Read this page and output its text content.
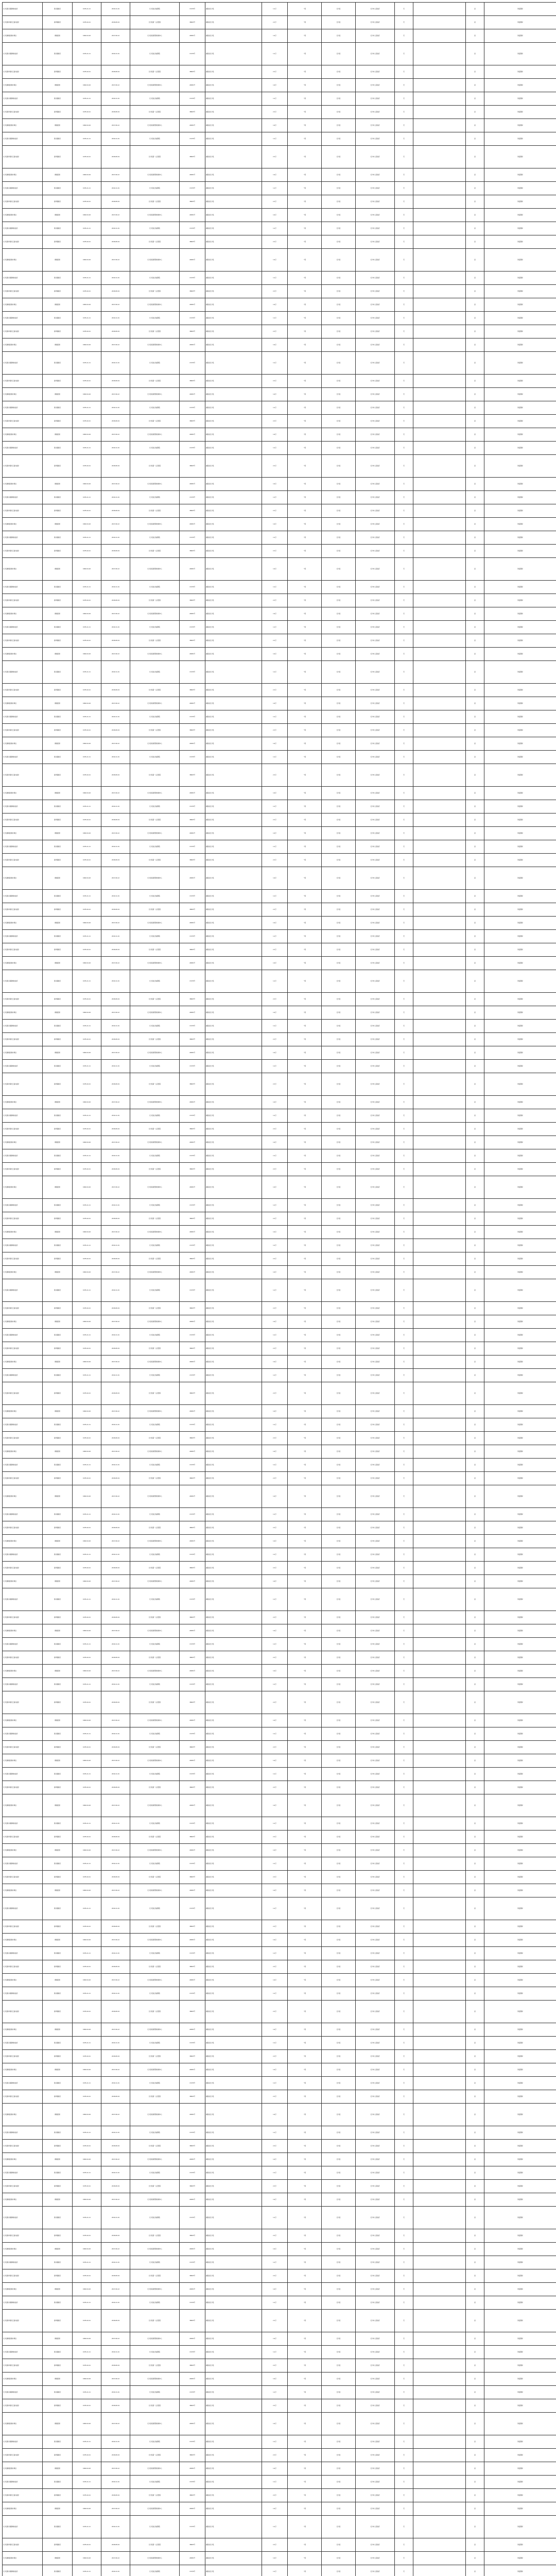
长沙县黄兴镇新塘村委会	黄兴镇政府	1976-11-11	2019-11-01	长沙县社会福利院	17276号	湖南省长沙县	1.2万	一般	长沙县	长沙市人民政府	无		是	防疫期间
长沙县春华镇龙王庙村委会	春华镇政府	1978-10-21	2018-08-19	长沙县第一人民医院	38825号	湖南省长沙县	2.3万	一般	长沙县	长沙市人民政府	无		是	防疫期间
长沙县榔梨街道办事处	榔梨街道	1982-04-02	2017-06-12	长沙县疾病预防控制中心	29081号	湖南省长沙县	1.6万	一般	长沙县	长沙市人民政府	无		是	防疫期间
长沙县黄兴镇新塘村委会	黄兴镇政府	1976-11-11	2019-11-01	长沙县社会福利院	17276号	湖南省长沙县	1.2万	一般	长沙县	长沙市人民政府	无		是	防疫期间
长沙县春华镇龙王庙村委会	春华镇政府	1978-10-21	2018-08-19	长沙县第一人民医院	38825号	湖南省长沙县	2.3万	一般	长沙县	长沙市人民政府	无		是	防疫期间
长沙县榔梨街道办事处	榔梨街道	1982-04-02	2017-06-12	长沙县疾病预防控制中心	29081号	湖南省长沙县	1.6万	一般	长沙县	长沙市人民政府	无		是	防疫期间
长沙县黄兴镇新塘村委会	黄兴镇政府	1976-11-11	2019-11-01	长沙县社会福利院	17276号	湖南省长沙县	1.2万	一般	长沙县	长沙市人民政府	无		是	防疫期间
长沙县春华镇龙王庙村委会	春华镇政府	1978-10-21	2018-08-19	长沙县第一人民医院	38825号	湖南省长沙县	2.3万	一般	长沙县	长沙市人民政府	无		是	防疫期间
长沙县榔梨街道办事处	榔梨街道	1982-04-02	2017-06-12	长沙县疾病预防控制中心	29081号	湖南省长沙县	1.6万	一般	长沙县	长沙市人民政府	无		是	防疫期间
长沙县黄兴镇新塘村委会	黄兴镇政府	1976-11-11	2019-11-01	长沙县社会福利院	17276号	湖南省长沙县	1.2万	一般	长沙县	长沙市人民政府	无		是	防疫期间
长沙县春华镇龙王庙村委会	春华镇政府	1978-10-21	2018-08-19	长沙县第一人民医院	38825号	湖南省长沙县	2.3万	一般	长沙县	长沙市人民政府	无		是	防疫期间
长沙县榔梨街道办事处	榔梨街道	1982-04-02	2017-06-12	长沙县疾病预防控制中心	29081号	湖南省长沙县	1.6万	一般	长沙县	长沙市人民政府	无		是	防疫期间
长沙县黄兴镇新塘村委会	黄兴镇政府	1976-11-11	2019-11-01	长沙县社会福利院	17276号	湖南省长沙县	1.2万	一般	长沙县	长沙市人民政府	无		是	防疫期间
长沙县春华镇龙王庙村委会	春华镇政府	1978-10-21	2018-08-19	长沙县第一人民医院	38825号	湖南省长沙县	2.3万	一般	长沙县	长沙市人民政府	无		是	防疫期间
长沙县榔梨街道办事处	榔梨街道	1982-04-02	2017-06-12	长沙县疾病预防控制中心	29081号	湖南省长沙县	1.6万	一般	长沙县	长沙市人民政府	无		是	防疫期间
长沙县黄兴镇新塘村委会	黄兴镇政府	1976-11-11	2019-11-01	长沙县社会福利院	17276号	湖南省长沙县	1.2万	一般	长沙县	长沙市人民政府	无		是	防疫期间
长沙县春华镇龙王庙村委会	春华镇政府	1978-10-21	2018-08-19	长沙县第一人民医院	38825号	湖南省长沙县	2.3万	一般	长沙县	长沙市人民政府	无		是	防疫期间
长沙县榔梨街道办事处	榔梨街道	1982-04-02	2017-06-12	长沙县疾病预防控制中心	29081号	湖南省长沙县	1.6万	一般	长沙县	长沙市人民政府	无		是	防疫期间
长沙县黄兴镇新塘村委会	黄兴镇政府	1976-11-11	2019-11-01	长沙县社会福利院	17276号	湖南省长沙县	1.2万	一般	长沙县	长沙市人民政府	无		是	防疫期间
长沙县春华镇龙王庙村委会	春华镇政府	1978-10-21	2018-08-19	长沙县第一人民医院	38825号	湖南省长沙县	2.3万	一般	长沙县	长沙市人民政府	无		是	防疫期间
长沙县榔梨街道办事处	榔梨街道	1982-04-02	2017-06-12	长沙县疾病预防控制中心	29081号	湖南省长沙县	1.6万	一般	长沙县	长沙市人民政府	无		是	防疫期间
长沙县黄兴镇新塘村委会	黄兴镇政府	1976-11-11	2019-11-01	长沙县社会福利院	17276号	湖南省长沙县	1.2万	一般	长沙县	长沙市人民政府	无		是	防疫期间
长沙县春华镇龙王庙村委会	春华镇政府	1978-10-21	2018-08-19	长沙县第一人民医院	38825号	湖南省长沙县	2.3万	一般	长沙县	长沙市人民政府	无		是	防疫期间
长沙县榔梨街道办事处	榔梨街道	1982-04-02	2017-06-12	长沙县疾病预防控制中心	29081号	湖南省长沙县	1.6万	一般	长沙县	长沙市人民政府	无		是	防疫期间
长沙县黄兴镇新塘村委会	黄兴镇政府	1976-11-11	2019-11-01	长沙县社会福利院	17276号	湖南省长沙县	1.2万	一般	长沙县	长沙市人民政府	无		是	防疫期间
长沙县春华镇龙王庙村委会	春华镇政府	1978-10-21	2018-08-19	长沙县第一人民医院	38825号	湖南省长沙县	2.3万	一般	长沙县	长沙市人民政府	无		是	防疫期间
长沙县榔梨街道办事处	榔梨街道	1982-04-02	2017-06-12	长沙县疾病预防控制中心	29081号	湖南省长沙县	1.6万	一般	长沙县	长沙市人民政府	无		是	防疫期间
长沙县黄兴镇新塘村委会	黄兴镇政府	1976-11-11	2019-11-01	长沙县社会福利院	17276号	湖南省长沙县	1.2万	一般	长沙县	长沙市人民政府	无		是	防疫期间
长沙县春华镇龙王庙村委会	春华镇政府	1978-10-21	2018-08-19	长沙县第一人民医院	38825号	湖南省长沙县	2.3万	一般	长沙县	长沙市人民政府	无		是	防疫期间
长沙县榔梨街道办事处	榔梨街道	1982-04-02	2017-06-12	长沙县疾病预防控制中心	29081号	湖南省长沙县	1.6万	一般	长沙县	长沙市人民政府	无		是	防疫期间
长沙县黄兴镇新塘村委会	黄兴镇政府	1976-11-11	2019-11-01	长沙县社会福利院	17276号	湖南省长沙县	1.2万	一般	长沙县	长沙市人民政府	无		是	防疫期间
长沙县春华镇龙王庙村委会	春华镇政府	1978-10-21	2018-08-19	长沙县第一人民医院	38825号	湖南省长沙县	2.3万	一般	长沙县	长沙市人民政府	无		是	防疫期间
长沙县榔梨街道办事处	榔梨街道	1982-04-02	2017-06-12	长沙县疾病预防控制中心	29081号	湖南省长沙县	1.6万	一般	长沙县	长沙市人民政府	无		是	防疫期间
长沙县黄兴镇新塘村委会	黄兴镇政府	1976-11-11	2019-11-01	长沙县社会福利院	17276号	湖南省长沙县	1.2万	一般	长沙县	长沙市人民政府	无		是	防疫期间
长沙县春华镇龙王庙村委会	春华镇政府	1978-10-21	2018-08-19	长沙县第一人民医院	38825号	湖南省长沙县	2.3万	一般	长沙县	长沙市人民政府	无		是	防疫期间
长沙县榔梨街道办事处	榔梨街道	1982-04-02	2017-06-12	长沙县疾病预防控制中心	29081号	湖南省长沙县	1.6万	一般	长沙县	长沙市人民政府	无		是	防疫期间
长沙县黄兴镇新塘村委会	黄兴镇政府	1976-11-11	2019-11-01	长沙县社会福利院	17276号	湖南省长沙县	1.2万	一般	长沙县	长沙市人民政府	无		是	防疫期间
长沙县春华镇龙王庙村委会	春华镇政府	1978-10-21	2018-08-19	长沙县第一人民医院	38825号	湖南省长沙县	2.3万	一般	长沙县	长沙市人民政府	无		是	防疫期间
长沙县榔梨街道办事处	榔梨街道	1982-04-02	2017-06-12	长沙县疾病预防控制中心	29081号	湖南省长沙县	1.6万	一般	长沙县	长沙市人民政府	无		是	防疫期间
长沙县黄兴镇新塘村委会	黄兴镇政府	1976-11-11	2019-11-01	长沙县社会福利院	17276号	湖南省长沙县	1.2万	一般	长沙县	长沙市人民政府	无		是	防疫期间
长沙县春华镇龙王庙村委会	春华镇政府	1978-10-21	2018-08-19	长沙县第一人民医院	38825号	湖南省长沙县	2.3万	一般	长沙县	长沙市人民政府	无		是	防疫期间
长沙县榔梨街道办事处	榔梨街道	1982-04-02	2017-06-12	长沙县疾病预防控制中心	29081号	湖南省长沙县	1.6万	一般	长沙县	长沙市人民政府	无		是	防疫期间
长沙县黄兴镇新塘村委会	黄兴镇政府	1976-11-11	2019-11-01	长沙县社会福利院	17276号	湖南省长沙县	1.2万	一般	长沙县	长沙市人民政府	无		是	防疫期间
长沙县春华镇龙王庙村委会	春华镇政府	1978-10-21	2018-08-19	长沙县第一人民医院	38825号	湖南省长沙县	2.3万	一般	长沙县	长沙市人民政府	无		是	防疫期间
长沙县榔梨街道办事处	榔梨街道	1982-04-02	2017-06-12	长沙县疾病预防控制中心	29081号	湖南省长沙县	1.6万	一般	长沙县	长沙市人民政府	无		是	防疫期间
长沙县黄兴镇新塘村委会	黄兴镇政府	1976-11-11	2019-11-01	长沙县社会福利院	17276号	湖南省长沙县	1.2万	一般	长沙县	长沙市人民政府	无		是	防疫期间
长沙县春华镇龙王庙村委会	春华镇政府	1978-10-21	2018-08-19	长沙县第一人民医院	38825号	湖南省长沙县	2.3万	一般	长沙县	长沙市人民政府	无		是	防疫期间
长沙县榔梨街道办事处	榔梨街道	1982-04-02	2017-06-12	长沙县疾病预防控制中心	29081号	湖南省长沙县	1.6万	一般	长沙县	长沙市人民政府	无		是	防疫期间
长沙县黄兴镇新塘村委会	黄兴镇政府	1976-11-11	2019-11-01	长沙县社会福利院	17276号	湖南省长沙县	1.2万	一般	长沙县	长沙市人民政府	无		是	防疫期间
长沙县春华镇龙王庙村委会	春华镇政府	1978-10-21	2018-08-19	长沙县第一人民医院	38825号	湖南省长沙县	2.3万	一般	长沙县	长沙市人民政府	无		是	防疫期间
长沙县榔梨街道办事处	榔梨街道	1982-04-02	2017-06-12	长沙县疾病预防控制中心	29081号	湖南省长沙县	1.6万	一般	长沙县	长沙市人民政府	无		是	防疫期间
长沙县黄兴镇新塘村委会	黄兴镇政府	1976-11-11	2019-11-01	长沙县社会福利院	17276号	湖南省长沙县	1.2万	一般	长沙县	长沙市人民政府	无		是	防疫期间
长沙县春华镇龙王庙村委会	春华镇政府	1978-10-21	2018-08-19	长沙县第一人民医院	38825号	湖南省长沙县	2.3万	一般	长沙县	长沙市人民政府	无		是	防疫期间
长沙县榔梨街道办事处	榔梨街道	1982-04-02	2017-06-12	长沙县疾病预防控制中心	29081号	湖南省长沙县	1.6万	一般	长沙县	长沙市人民政府	无		是	防疫期间
长沙县黄兴镇新塘村委会	黄兴镇政府	1976-11-11	2019-11-01	长沙县社会福利院	17276号	湖南省长沙县	1.2万	一般	长沙县	长沙市人民政府	无		是	防疫期间
长沙县春华镇龙王庙村委会	春华镇政府	1978-10-21	2018-08-19	长沙县第一人民医院	38825号	湖南省长沙县	2.3万	一般	长沙县	长沙市人民政府	无		是	防疫期间
长沙县榔梨街道办事处	榔梨街道	1982-04-02	2017-06-12	长沙县疾病预防控制中心	29081号	湖南省长沙县	1.6万	一般	长沙县	长沙市人民政府	无		是	防疫期间
长沙县黄兴镇新塘村委会	黄兴镇政府	1976-11-11	2019-11-01	长沙县社会福利院	17276号	湖南省长沙县	1.2万	一般	长沙县	长沙市人民政府	无		是	防疫期间
长沙县春华镇龙王庙村委会	春华镇政府	1978-10-21	2018-08-19	长沙县第一人民医院	38825号	湖南省长沙县	2.3万	一般	长沙县	长沙市人民政府	无		是	防疫期间
长沙县榔梨街道办事处	榔梨街道	1982-04-02	2017-06-12	长沙县疾病预防控制中心	29081号	湖南省长沙县	1.6万	一般	长沙县	长沙市人民政府	无		是	防疫期间
长沙县黄兴镇新塘村委会	黄兴镇政府	1976-11-11	2019-11-01	长沙县社会福利院	17276号	湖南省长沙县	1.2万	一般	长沙县	长沙市人民政府	无		是	防疫期间
长沙县春华镇龙王庙村委会	春华镇政府	1978-10-21	2018-08-19	长沙县第一人民医院	38825号	湖南省长沙县	2.3万	一般	长沙县	长沙市人民政府	无		是	防疫期间
长沙县榔梨街道办事处	榔梨街道	1982-04-02	2017-06-12	长沙县疾病预防控制中心	29081号	湖南省长沙县	1.6万	一般	长沙县	长沙市人民政府	无		是	防疫期间
长沙县黄兴镇新塘村委会	黄兴镇政府	1976-11-11	2019-11-01	长沙县社会福利院	17276号	湖南省长沙县	1.2万	一般	长沙县	长沙市人民政府	无		是	防疫期间
长沙县春华镇龙王庙村委会	春华镇政府	1978-10-21	2018-08-19	长沙县第一人民医院	38825号	湖南省长沙县	2.3万	一般	长沙县	长沙市人民政府	无		是	防疫期间
长沙县榔梨街道办事处	榔梨街道	1982-04-02	2017-06-12	长沙县疾病预防控制中心	29081号	湖南省长沙县	1.6万	一般	长沙县	长沙市人民政府	无		是	防疫期间
长沙县黄兴镇新塘村委会	黄兴镇政府	1976-11-11	2019-11-01	长沙县社会福利院	17276号	湖南省长沙县	1.2万	一般	长沙县	长沙市人民政府	无		是	防疫期间
长沙县春华镇龙王庙村委会	春华镇政府	1978-10-21	2018-08-19	长沙县第一人民医院	38825号	湖南省长沙县	2.3万	一般	长沙县	长沙市人民政府	无		是	防疫期间
长沙县榔梨街道办事处	榔梨街道	1982-04-02	2017-06-12	长沙县疾病预防控制中心	29081号	湖南省长沙县	1.6万	一般	长沙县	长沙市人民政府	无		是	防疫期间
长沙县黄兴镇新塘村委会	黄兴镇政府	1976-11-11	2019-11-01	长沙县社会福利院	17276号	湖南省长沙县	1.2万	一般	长沙县	长沙市人民政府	无		是	防疫期间
长沙县春华镇龙王庙村委会	春华镇政府	1978-10-21	2018-08-19	长沙县第一人民医院	38825号	湖南省长沙县	2.3万	一般	长沙县	长沙市人民政府	无		是	防疫期间
长沙县榔梨街道办事处	榔梨街道	1982-04-02	2017-06-12	长沙县疾病预防控制中心	29081号	湖南省长沙县	1.6万	一般	长沙县	长沙市人民政府	无		是	防疫期间
长沙县黄兴镇新塘村委会	黄兴镇政府	1976-11-11	2019-11-01	长沙县社会福利院	17276号	湖南省长沙县	1.2万	一般	长沙县	长沙市人民政府	无		是	防疫期间
长沙县春华镇龙王庙村委会	春华镇政府	1978-10-21	2018-08-19	长沙县第一人民医院	38825号	湖南省长沙县	2.3万	一般	长沙县	长沙市人民政府	无		是	防疫期间
长沙县榔梨街道办事处	榔梨街道	1982-04-02	2017-06-12	长沙县疾病预防控制中心	29081号	湖南省长沙县	1.6万	一般	长沙县	长沙市人民政府	无		是	防疫期间
长沙县黄兴镇新塘村委会	黄兴镇政府	1976-11-11	2019-11-01	长沙县社会福利院	17276号	湖南省长沙县	1.2万	一般	长沙县	长沙市人民政府	无		是	防疫期间
长沙县春华镇龙王庙村委会	春华镇政府	1978-10-21	2018-08-19	长沙县第一人民医院	38825号	湖南省长沙县	2.3万	一般	长沙县	长沙市人民政府	无		是	防疫期间
长沙县榔梨街道办事处	榔梨街道	1982-04-02	2017-06-12	长沙县疾病预防控制中心	29081号	湖南省长沙县	1.6万	一般	长沙县	长沙市人民政府	无		是	防疫期间
长沙县黄兴镇新塘村委会	黄兴镇政府	1976-11-11	2019-11-01	长沙县社会福利院	17276号	湖南省长沙县	1.2万	一般	长沙县	长沙市人民政府	无		是	防疫期间
长沙县春华镇龙王庙村委会	春华镇政府	1978-10-21	2018-08-19	长沙县第一人民医院	38825号	湖南省长沙县	2.3万	一般	长沙县	长沙市人民政府	无		是	防疫期间
长沙县榔梨街道办事处	榔梨街道	1982-04-02	2017-06-12	长沙县疾病预防控制中心	29081号	湖南省长沙县	1.6万	一般	长沙县	长沙市人民政府	无		是	防疫期间
长沙县黄兴镇新塘村委会	黄兴镇政府	1976-11-11	2019-11-01	长沙县社会福利院	17276号	湖南省长沙县	1.2万	一般	长沙县	长沙市人民政府	无		是	防疫期间
长沙县春华镇龙王庙村委会	春华镇政府	1978-10-21	2018-08-19	长沙县第一人民医院	38825号	湖南省长沙县	2.3万	一般	长沙县	长沙市人民政府	无		是	防疫期间
长沙县榔梨街道办事处	榔梨街道	1982-04-02	2017-06-12	长沙县疾病预防控制中心	29081号	湖南省长沙县	1.6万	一般	长沙县	长沙市人民政府	无		是	防疫期间
长沙县黄兴镇新塘村委会	黄兴镇政府	1976-11-11	2019-11-01	长沙县社会福利院	17276号	湖南省长沙县	1.2万	一般	长沙县	长沙市人民政府	无		是	防疫期间
长沙县春华镇龙王庙村委会	春华镇政府	1978-10-21	2018-08-19	长沙县第一人民医院	38825号	湖南省长沙县	2.3万	一般	长沙县	长沙市人民政府	无		是	防疫期间
长沙县榔梨街道办事处	榔梨街道	1982-04-02	2017-06-12	长沙县疾病预防控制中心	29081号	湖南省长沙县	1.6万	一般	长沙县	长沙市人民政府	无		是	防疫期间
长沙县黄兴镇新塘村委会	黄兴镇政府	1976-11-11	2019-11-01	长沙县社会福利院	17276号	湖南省长沙县	1.2万	一般	长沙县	长沙市人民政府	无		是	防疫期间
长沙县春华镇龙王庙村委会	春华镇政府	1978-10-21	2018-08-19	长沙县第一人民医院	38825号	湖南省长沙县	2.3万	一般	长沙县	长沙市人民政府	无		是	防疫期间
长沙县榔梨街道办事处	榔梨街道	1982-04-02	2017-06-12	长沙县疾病预防控制中心	29081号	湖南省长沙县	1.6万	一般	长沙县	长沙市人民政府	无		是	防疫期间
长沙县黄兴镇新塘村委会	黄兴镇政府	1976-11-11	2019-11-01	长沙县社会福利院	17276号	湖南省长沙县	1.2万	一般	长沙县	长沙市人民政府	无		是	防疫期间
长沙县春华镇龙王庙村委会	春华镇政府	1978-10-21	2018-08-19	长沙县第一人民医院	38825号	湖南省长沙县	2.3万	一般	长沙县	长沙市人民政府	无		是	防疫期间
长沙县榔梨街道办事处	榔梨街道	1982-04-02	2017-06-12	长沙县疾病预防控制中心	29081号	湖南省长沙县	1.6万	一般	长沙县	长沙市人民政府	无		是	防疫期间
长沙县黄兴镇新塘村委会	黄兴镇政府	1976-11-11	2019-11-01	长沙县社会福利院	17276号	湖南省长沙县	1.2万	一般	长沙县	长沙市人民政府	无		是	防疫期间
长沙县春华镇龙王庙村委会	春华镇政府	1978-10-21	2018-08-19	长沙县第一人民医院	38825号	湖南省长沙县	2.3万	一般	长沙县	长沙市人民政府	无		是	防疫期间
长沙县榔梨街道办事处	榔梨街道	1982-04-02	2017-06-12	长沙县疾病预防控制中心	29081号	湖南省长沙县	1.6万	一般	长沙县	长沙市人民政府	无		是	防疫期间
长沙县黄兴镇新塘村委会	黄兴镇政府	1976-11-11	2019-11-01	长沙县社会福利院	17276号	湖南省长沙县	1.2万	一般	长沙县	长沙市人民政府	无		是	防疫期间
长沙县春华镇龙王庙村委会	春华镇政府	1978-10-21	2018-08-19	长沙县第一人民医院	38825号	湖南省长沙县	2.3万	一般	长沙县	长沙市人民政府	无		是	防疫期间
长沙县榔梨街道办事处	榔梨街道	1982-04-02	2017-06-12	长沙县疾病预防控制中心	29081号	湖南省长沙县	1.6万	一般	长沙县	长沙市人民政府	无		是	防疫期间
长沙县黄兴镇新塘村委会	黄兴镇政府	1976-11-11	2019-11-01	长沙县社会福利院	17276号	湖南省长沙县	1.2万	一般	长沙县	长沙市人民政府	无		是	防疫期间
长沙县春华镇龙王庙村委会	春华镇政府	1978-10-21	2018-08-19	长沙县第一人民医院	38825号	湖南省长沙县	2.3万	一般	长沙县	长沙市人民政府	无		是	防疫期间
长沙县榔梨街道办事处	榔梨街道	1982-04-02	2017-06-12	长沙县疾病预防控制中心	29081号	湖南省长沙县	1.6万	一般	长沙县	长沙市人民政府	无		是	防疫期间
长沙县黄兴镇新塘村委会	黄兴镇政府	1976-11-11	2019-11-01	长沙县社会福利院	17276号	湖南省长沙县	1.2万	一般	长沙县	长沙市人民政府	无		是	防疫期间
长沙县春华镇龙王庙村委会	春华镇政府	1978-10-21	2018-08-19	长沙县第一人民医院	38825号	湖南省长沙县	2.3万	一般	长沙县	长沙市人民政府	无		是	防疫期间
长沙县榔梨街道办事处	榔梨街道	1982-04-02	2017-06-12	长沙县疾病预防控制中心	29081号	湖南省长沙县	1.6万	一般	长沙县	长沙市人民政府	无		是	防疫期间
长沙县黄兴镇新塘村委会	黄兴镇政府	1976-11-11	2019-11-01	长沙县社会福利院	17276号	湖南省长沙县	1.2万	一般	长沙县	长沙市人民政府	无		是	防疫期间
长沙县春华镇龙王庙村委会	春华镇政府	1978-10-21	2018-08-19	长沙县第一人民医院	38825号	湖南省长沙县	2.3万	一般	长沙县	长沙市人民政府	无		是	防疫期间
长沙县榔梨街道办事处	榔梨街道	1982-04-02	2017-06-12	长沙县疾病预防控制中心	29081号	湖南省长沙县	1.6万	一般	长沙县	长沙市人民政府	无		是	防疫期间
长沙县黄兴镇新塘村委会	黄兴镇政府	1976-11-11	2019-11-01	长沙县社会福利院	17276号	湖南省长沙县	1.2万	一般	长沙县	长沙市人民政府	无		是	防疫期间
长沙县春华镇龙王庙村委会	春华镇政府	1978-10-21	2018-08-19	长沙县第一人民医院	38825号	湖南省长沙县	2.3万	一般	长沙县	长沙市人民政府	无		是	防疫期间
长沙县榔梨街道办事处	榔梨街道	1982-04-02	2017-06-12	长沙县疾病预防控制中心	29081号	湖南省长沙县	1.6万	一般	长沙县	长沙市人民政府	无		是	防疫期间
长沙县黄兴镇新塘村委会	黄兴镇政府	1976-11-11	2019-11-01	长沙县社会福利院	17276号	湖南省长沙县	1.2万	一般	长沙县	长沙市人民政府	无		是	防疫期间
长沙县春华镇龙王庙村委会	春华镇政府	1978-10-21	2018-08-19	长沙县第一人民医院	38825号	湖南省长沙县	2.3万	一般	长沙县	长沙市人民政府	无		是	防疫期间
长沙县榔梨街道办事处	榔梨街道	1982-04-02	2017-06-12	长沙县疾病预防控制中心	29081号	湖南省长沙县	1.6万	一般	长沙县	长沙市人民政府	无		是	防疫期间
长沙县黄兴镇新塘村委会	黄兴镇政府	1976-11-11	2019-11-01	长沙县社会福利院	17276号	湖南省长沙县	1.2万	一般	长沙县	长沙市人民政府	无		是	防疫期间
长沙县春华镇龙王庙村委会	春华镇政府	1978-10-21	2018-08-19	长沙县第一人民医院	38825号	湖南省长沙县	2.3万	一般	长沙县	长沙市人民政府	无		是	防疫期间
长沙县榔梨街道办事处	榔梨街道	1982-04-02	2017-06-12	长沙县疾病预防控制中心	29081号	湖南省长沙县	1.6万	一般	长沙县	长沙市人民政府	无		是	防疫期间
长沙县黄兴镇新塘村委会	黄兴镇政府	1976-11-11	2019-11-01	长沙县社会福利院	17276号	湖南省长沙县	1.2万	一般	长沙县	长沙市人民政府	无		是	防疫期间
长沙县春华镇龙王庙村委会	春华镇政府	1978-10-21	2018-08-19	长沙县第一人民医院	38825号	湖南省长沙县	2.3万	一般	长沙县	长沙市人民政府	无		是	防疫期间
长沙县榔梨街道办事处	榔梨街道	1982-04-02	2017-06-12	长沙县疾病预防控制中心	29081号	湖南省长沙县	1.6万	一般	长沙县	长沙市人民政府	无		是	防疫期间
长沙县黄兴镇新塘村委会	黄兴镇政府	1976-11-11	2019-11-01	长沙县社会福利院	17276号	湖南省长沙县	1.2万	一般	长沙县	长沙市人民政府	无		是	防疫期间
长沙县春华镇龙王庙村委会	春华镇政府	1978-10-21	2018-08-19	长沙县第一人民医院	38825号	湖南省长沙县	2.3万	一般	长沙县	长沙市人民政府	无		是	防疫期间
长沙县榔梨街道办事处	榔梨街道	1982-04-02	2017-06-12	长沙县疾病预防控制中心	29081号	湖南省长沙县	1.6万	一般	长沙县	长沙市人民政府	无		是	防疫期间
长沙县黄兴镇新塘村委会	黄兴镇政府	1976-11-11	2019-11-01	长沙县社会福利院	17276号	湖南省长沙县	1.2万	一般	长沙县	长沙市人民政府	无		是	防疫期间
长沙县春华镇龙王庙村委会	春华镇政府	1978-10-21	2018-08-19	长沙县第一人民医院	38825号	湖南省长沙县	2.3万	一般	长沙县	长沙市人民政府	无		是	防疫期间
长沙县榔梨街道办事处	榔梨街道	1982-04-02	2017-06-12	长沙县疾病预防控制中心	29081号	湖南省长沙县	1.6万	一般	长沙县	长沙市人民政府	无		是	防疫期间
长沙县黄兴镇新塘村委会	黄兴镇政府	1976-11-11	2019-11-01	长沙县社会福利院	17276号	湖南省长沙县	1.2万	一般	长沙县	长沙市人民政府	无		是	防疫期间
长沙县春华镇龙王庙村委会	春华镇政府	1978-10-21	2018-08-19	长沙县第一人民医院	38825号	湖南省长沙县	2.3万	一般	长沙县	长沙市人民政府	无		是	防疫期间
长沙县榔梨街道办事处	榔梨街道	1982-04-02	2017-06-12	长沙县疾病预防控制中心	29081号	湖南省长沙县	1.6万	一般	长沙县	长沙市人民政府	无		是	防疫期间
长沙县黄兴镇新塘村委会	黄兴镇政府	1976-11-11	2019-11-01	长沙县社会福利院	17276号	湖南省长沙县	1.2万	一般	长沙县	长沙市人民政府	无		是	防疫期间
长沙县春华镇龙王庙村委会	春华镇政府	1978-10-21	2018-08-19	长沙县第一人民医院	38825号	湖南省长沙县	2.3万	一般	长沙县	长沙市人民政府	无		是	防疫期间
长沙县榔梨街道办事处	榔梨街道	1982-04-02	2017-06-12	长沙县疾病预防控制中心	29081号	湖南省长沙县	1.6万	一般	长沙县	长沙市人民政府	无		是	防疫期间
长沙县黄兴镇新塘村委会	黄兴镇政府	1976-11-11	2019-11-01	长沙县社会福利院	17276号	湖南省长沙县	1.2万	一般	长沙县	长沙市人民政府	无		是	防疫期间
长沙县春华镇龙王庙村委会	春华镇政府	1978-10-21	2018-08-19	长沙县第一人民医院	38825号	湖南省长沙县	2.3万	一般	长沙县	长沙市人民政府	无		是	防疫期间
长沙县榔梨街道办事处	榔梨街道	1982-04-02	2017-06-12	长沙县疾病预防控制中心	29081号	湖南省长沙县	1.6万	一般	长沙县	长沙市人民政府	无		是	防疫期间
长沙县黄兴镇新塘村委会	黄兴镇政府	1976-11-11	2019-11-01	长沙县社会福利院	17276号	湖南省长沙县	1.2万	一般	长沙县	长沙市人民政府	无		是	防疫期间
长沙县春华镇龙王庙村委会	春华镇政府	1978-10-21	2018-08-19	长沙县第一人民医院	38825号	湖南省长沙县	2.3万	一般	长沙县	长沙市人民政府	无		是	防疫期间
长沙县榔梨街道办事处	榔梨街道	1982-04-02	2017-06-12	长沙县疾病预防控制中心	29081号	湖南省长沙县	1.6万	一般	长沙县	长沙市人民政府	无		是	防疫期间
长沙县黄兴镇新塘村委会	黄兴镇政府	1976-11-11	2019-11-01	长沙县社会福利院	17276号	湖南省长沙县	1.2万	一般	长沙县	长沙市人民政府	无		是	防疫期间
长沙县春华镇龙王庙村委会	春华镇政府	1978-10-21	2018-08-19	长沙县第一人民医院	38825号	湖南省长沙县	2.3万	一般	长沙县	长沙市人民政府	无		是	防疫期间
长沙县榔梨街道办事处	榔梨街道	1982-04-02	2017-06-12	长沙县疾病预防控制中心	29081号	湖南省长沙县	1.6万	一般	长沙县	长沙市人民政府	无		是	防疫期间
长沙县黄兴镇新塘村委会	黄兴镇政府	1976-11-11	2019-11-01	长沙县社会福利院	17276号	湖南省长沙县	1.2万	一般	长沙县	长沙市人民政府	无		是	防疫期间
长沙县春华镇龙王庙村委会	春华镇政府	1978-10-21	2018-08-19	长沙县第一人民医院	38825号	湖南省长沙县	2.3万	一般	长沙县	长沙市人民政府	无		是	防疫期间
长沙县榔梨街道办事处	榔梨街道	1982-04-02	2017-06-12	长沙县疾病预防控制中心	29081号	湖南省长沙县	1.6万	一般	长沙县	长沙市人民政府	无		是	防疫期间
长沙县黄兴镇新塘村委会	黄兴镇政府	1976-11-11	2019-11-01	长沙县社会福利院	17276号	湖南省长沙县	1.2万	一般	长沙县	长沙市人民政府	无		是	防疫期间
长沙县春华镇龙王庙村委会	春华镇政府	1978-10-21	2018-08-19	长沙县第一人民医院	38825号	湖南省长沙县	2.3万	一般	长沙县	长沙市人民政府	无		是	防疫期间
长沙县榔梨街道办事处	榔梨街道	1982-04-02	2017-06-12	长沙县疾病预防控制中心	29081号	湖南省长沙县	1.6万	一般	长沙县	长沙市人民政府	无		是	防疫期间
长沙县黄兴镇新塘村委会	黄兴镇政府	1976-11-11	2019-11-01	长沙县社会福利院	17276号	湖南省长沙县	1.2万	一般	长沙县	长沙市人民政府	无		是	防疫期间
长沙县春华镇龙王庙村委会	春华镇政府	1978-10-21	2018-08-19	长沙县第一人民医院	38825号	湖南省长沙县	2.3万	一般	长沙县	长沙市人民政府	无		是	防疫期间
长沙县榔梨街道办事处	榔梨街道	1982-04-02	2017-06-12	长沙县疾病预防控制中心	29081号	湖南省长沙县	1.6万	一般	长沙县	长沙市人民政府	无		是	防疫期间
长沙县黄兴镇新塘村委会	黄兴镇政府	1976-11-11	2019-11-01	长沙县社会福利院	17276号	湖南省长沙县	1.2万	一般	长沙县	长沙市人民政府	无		是	防疫期间
长沙县春华镇龙王庙村委会	春华镇政府	1978-10-21	2018-08-19	长沙县第一人民医院	38825号	湖南省长沙县	2.3万	一般	长沙县	长沙市人民政府	无		是	防疫期间
长沙县榔梨街道办事处	榔梨街道	1982-04-02	2017-06-12	长沙县疾病预防控制中心	29081号	湖南省长沙县	1.6万	一般	长沙县	长沙市人民政府	无		是	防疫期间
长沙县黄兴镇新塘村委会	黄兴镇政府	1976-11-11	2019-11-01	长沙县社会福利院	17276号	湖南省长沙县	1.2万	一般	长沙县	长沙市人民政府	无		是	防疫期间
长沙县春华镇龙王庙村委会	春华镇政府	1978-10-21	2018-08-19	长沙县第一人民医院	38825号	湖南省长沙县	2.3万	一般	长沙县	长沙市人民政府	无		是	防疫期间
长沙县榔梨街道办事处	榔梨街道	1982-04-02	2017-06-12	长沙县疾病预防控制中心	29081号	湖南省长沙县	1.6万	一般	长沙县	长沙市人民政府	无		是	防疫期间
长沙县黄兴镇新塘村委会	黄兴镇政府	1976-11-11	2019-11-01	长沙县社会福利院	17276号	湖南省长沙县	1.2万	一般	长沙县	长沙市人民政府	无		是	防疫期间
长沙县春华镇龙王庙村委会	春华镇政府	1978-10-21	2018-08-19	长沙县第一人民医院	38825号	湖南省长沙县	2.3万	一般	长沙县	长沙市人民政府	无		是	防疫期间
长沙县榔梨街道办事处	榔梨街道	1982-04-02	2017-06-12	长沙县疾病预防控制中心	29081号	湖南省长沙县	1.6万	一般	长沙县	长沙市人民政府	无		是	防疫期间
长沙县黄兴镇新塘村委会	黄兴镇政府	1976-11-11	2019-11-01	长沙县社会福利院	17276号	湖南省长沙县	1.2万	一般	长沙县	长沙市人民政府	无		是	防疫期间
长沙县春华镇龙王庙村委会	春华镇政府	1978-10-21	2018-08-19	长沙县第一人民医院	38825号	湖南省长沙县	2.3万	一般	长沙县	长沙市人民政府	无		是	防疫期间
长沙县榔梨街道办事处	榔梨街道	1982-04-02	2017-06-12	长沙县疾病预防控制中心	29081号	湖南省长沙县	1.6万	一般	长沙县	长沙市人民政府	无		是	防疫期间
长沙县黄兴镇新塘村委会	黄兴镇政府	1976-11-11	2019-11-01	长沙县社会福利院	17276号	湖南省长沙县	1.2万	一般	长沙县	长沙市人民政府	无		是	防疫期间
长沙县春华镇龙王庙村委会	春华镇政府	1978-10-21	2018-08-19	长沙县第一人民医院	38825号	湖南省长沙县	2.3万	一般	长沙县	长沙市人民政府	无		是	防疫期间
长沙县榔梨街道办事处	榔梨街道	1982-04-02	2017-06-12	长沙县疾病预防控制中心	29081号	湖南省长沙县	1.6万	一般	长沙县	长沙市人民政府	无		是	防疫期间
长沙县黄兴镇新塘村委会	黄兴镇政府	1976-11-11	2019-11-01	长沙县社会福利院	17276号	湖南省长沙县	1.2万	一般	长沙县	长沙市人民政府	无		是	防疫期间
长沙县春华镇龙王庙村委会	春华镇政府	1978-10-21	2018-08-19	长沙县第一人民医院	38825号	湖南省长沙县	2.3万	一般	长沙县	长沙市人民政府	无		是	防疫期间
长沙县榔梨街道办事处	榔梨街道	1982-04-02	2017-06-12	长沙县疾病预防控制中心	29081号	湖南省长沙县	1.6万	一般	长沙县	长沙市人民政府	无		是	防疫期间
长沙县黄兴镇新塘村委会	黄兴镇政府	1976-11-11	2019-11-01	长沙县社会福利院	17276号	湖南省长沙县	1.2万	一般	长沙县	长沙市人民政府	无		是	防疫期间
长沙县春华镇龙王庙村委会	春华镇政府	1978-10-21	2018-08-19	长沙县第一人民医院	38825号	湖南省长沙县	2.3万	一般	长沙县	长沙市人民政府	无		是	防疫期间
长沙县榔梨街道办事处	榔梨街道	1982-04-02	2017-06-12	长沙县疾病预防控制中心	29081号	湖南省长沙县	1.6万	一般	长沙县	长沙市人民政府	无		是	防疫期间
长沙县黄兴镇新塘村委会	黄兴镇政府	1976-11-11	2019-11-01	长沙县社会福利院	17276号	湖南省长沙县	1.2万	一般	长沙县	长沙市人民政府	无		是	防疫期间
长沙县春华镇龙王庙村委会	春华镇政府	1978-10-21	2018-08-19	长沙县第一人民医院	38825号	湖南省长沙县	2.3万	一般	长沙县	长沙市人民政府	无		是	防疫期间
长沙县榔梨街道办事处	榔梨街道	1982-04-02	2017-06-12	长沙县疾病预防控制中心	29081号	湖南省长沙县	1.6万	一般	长沙县	长沙市人民政府	无		是	防疫期间
长沙县黄兴镇新塘村委会	黄兴镇政府	1976-11-11	2019-11-01	长沙县社会福利院	17276号	湖南省长沙县	1.2万	一般	长沙县	长沙市人民政府	无		是	防疫期间
